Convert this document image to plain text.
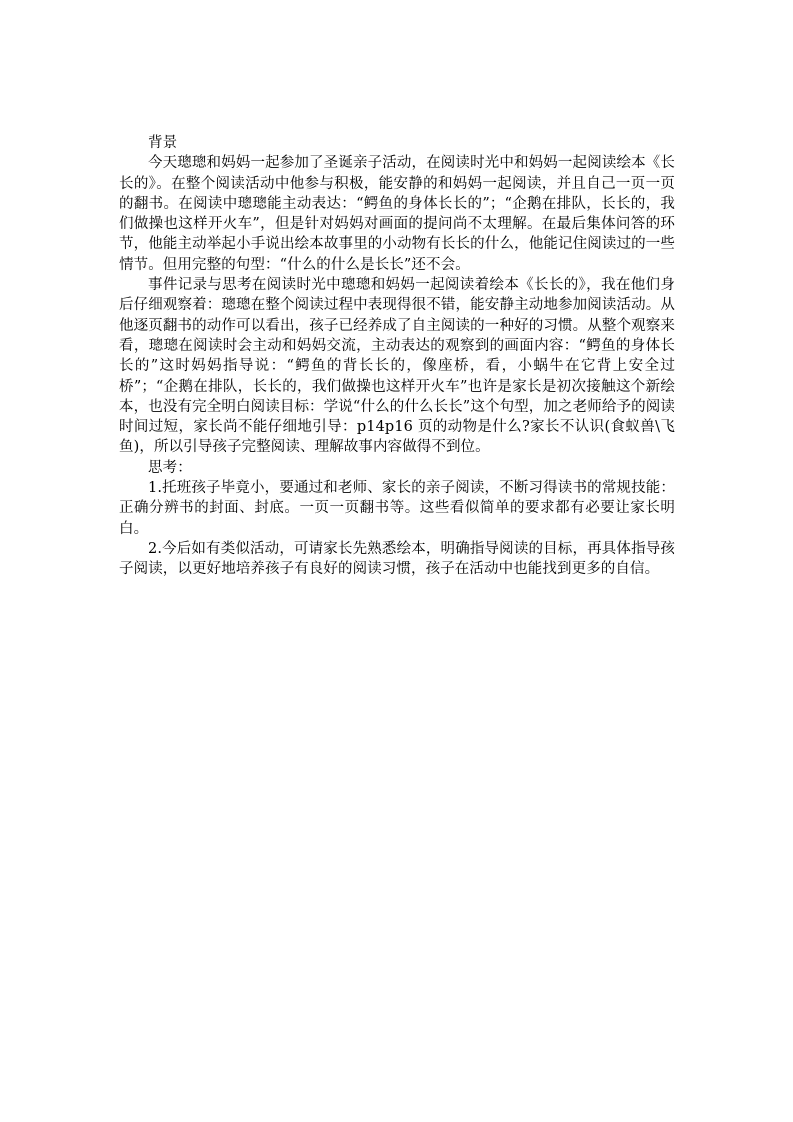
背景

今天璁璁和妈妈一起参加了圣诞亲子活动，在阅读时光中和妈妈一起阅读绘本《长长的》。在整个阅读活动中他参与积极，能安静的和妈妈一起阅读，并且自己一页一页的翻书。在阅读中璁璁能主动表达：“鳄鱼的身体长长的”；“企鹅在排队，长长的，我们做操也这样开火车”，但是针对妈妈对画面的提问尚不太理解。在最后集体问答的环节，他能主动举起小手说出绘本故事里的小动物有长长的什么，他能记住阅读过的一些情节。但用完整的句型：“什么的什么是长长”还不会。

事件记录与思考在阅读时光中璁璁和妈妈一起阅读着绘本《长长的》，我在他们身后仔细观察着：璁璁在整个阅读过程中表现得很不错，能安静主动地参加阅读活动。从他逐页翻书的动作可以看出，孩子已经养成了自主阅读的一种好的习惯。从整个观察来看，璁璁在阅读时会主动和妈妈交流，主动表达的观察到的画面内容：“鳄鱼的身体长长的”这时妈妈指导说：“鳄鱼的背长长的，像座桥，看，小蜗牛在它背上安全过桥”；“企鹅在排队，长长的，我们做操也这样开火车”也许是家长是初次接触这个新绘本，也没有完全明白阅读目标：学说“什么的什么长长”这个句型，加之老师给予的阅读时间过短，家长尚不能仔细地引导：p14p16 页的动物是什么?家长不认识(食蚁兽\飞鱼)，所以引导孩子完整阅读、理解故事内容做得不到位。

思考：

1.托班孩子毕竟小，要通过和老师、家长的亲子阅读，不断习得读书的常规技能：正确分辨书的封面、封底。一页一页翻书等。这些看似简单的要求都有必要让家长明白。

2.今后如有类似活动，可请家长先熟悉绘本，明确指导阅读的目标，再具体指导孩子阅读，以更好地培养孩子有良好的阅读习惯，孩子在活动中也能找到更多的自信。
